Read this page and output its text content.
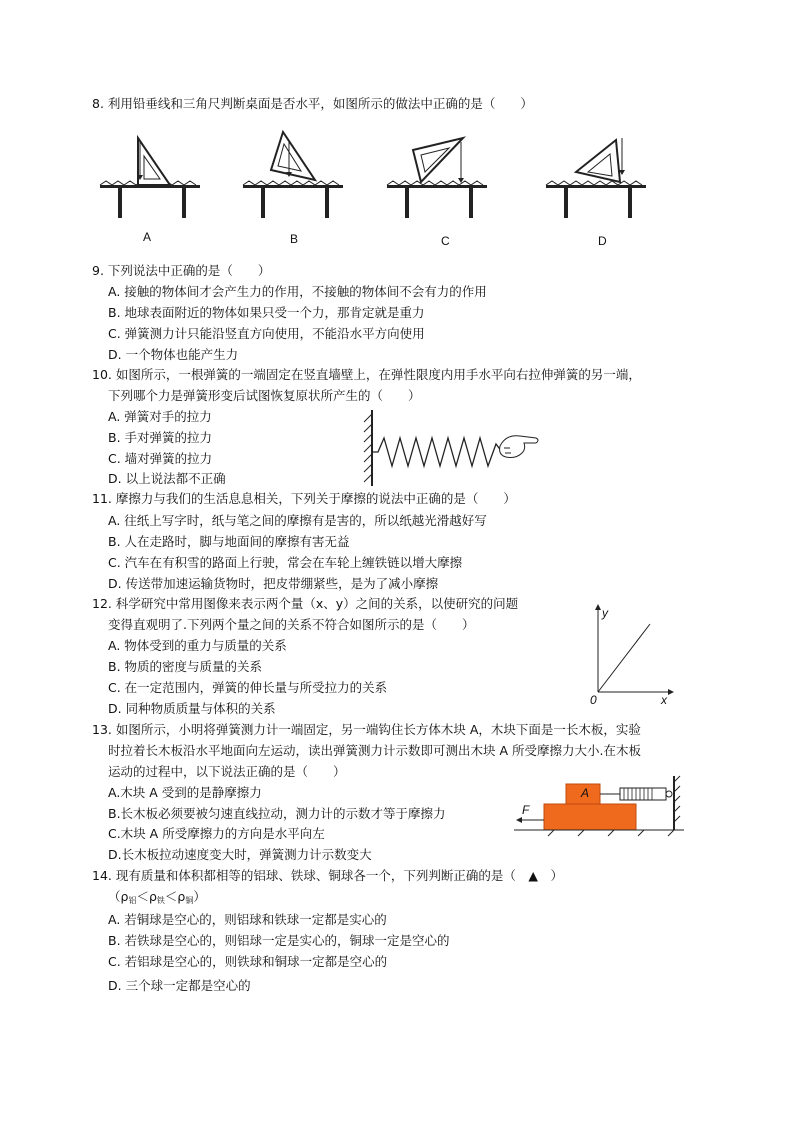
8. 利用铅垂线和三角尺判断桌面是否水平，如图所示的做法中正确的是（　　）
A	B	C	D
9. 下列说法中正确的是（　　）
A. 接触的物体间才会产生力的作用，不接触的物体间不会有力的作用
B. 地球表面附近的物体如果只受一个力，那肯定就是重力
C. 弹簧测力计只能沿竖直方向使用，不能沿水平方向使用
D. 一个物体也能产生力
10. 如图所示，一根弹簧的一端固定在竖直墙壁上，在弹性限度内用手水平向右拉伸弹簧的另一端，
下列哪个力是弹簧形变后试图恢复原状所产生的（　　）
A. 弹簧对手的拉力
B. 手对弹簧的拉力
C. 墙对弹簧的拉力
D. 以上说法都不正确
11. 摩擦力与我们的生活息息相关，下列关于摩擦的说法中正确的是（　　）
A. 往纸上写字时，纸与笔之间的摩擦有是害的，所以纸越光滑越好写
B. 人在走路时，脚与地面间的摩擦有害无益
C. 汽车在有积雪的路面上行驶，常会在车轮上缠铁链以增大摩擦
D. 传送带加速运输货物时，把皮带绷紧些，是为了减小摩擦
12. 科学研究中常用图像来表示两个量（x、y）之间的关系，以使研究的问题
变得直观明了.下列两个量之间的关系不符合如图所示的是（　　）
A. 物体受到的重力与质量的关系
B. 物质的密度与质量的关系
C. 在一定范围内，弹簧的伸长量与所受拉力的关系
D. 同种物质质量与体积的关系
y
x
0
13. 如图所示，小明将弹簧测力计一端固定，另一端钩住长方体木块 A，木块下面是一长木板，实验
时拉着长木板沿水平地面向左运动，读出弹簧测力计示数即可测出木块 A 所受摩擦力大小.在木板
运动的过程中，以下说法正确的是（　　）
A.木块 A 受到的是静摩擦力
B.长木板必须要被匀速直线拉动，测力计的示数才等于摩擦力
C.木块 A 所受摩擦力的方向是水平向左
D.长木板拉动速度变大时，弹簧测力计示数变大
A
F
14. 现有质量和体积都相等的铝球、铁球、铜球各一个，下列判断正确的是（　▲　）
$(\rho_铝<\rho_铁<\rho_铜)$
A. 若铜球是空心的，则铝球和铁球一定都是实心的
B. 若铁球是空心的，则铝球一定是实心的，铜球一定是空心的
C. 若铝球是空心的，则铁球和铜球一定都是空心的
D. 三个球一定都是空心的
